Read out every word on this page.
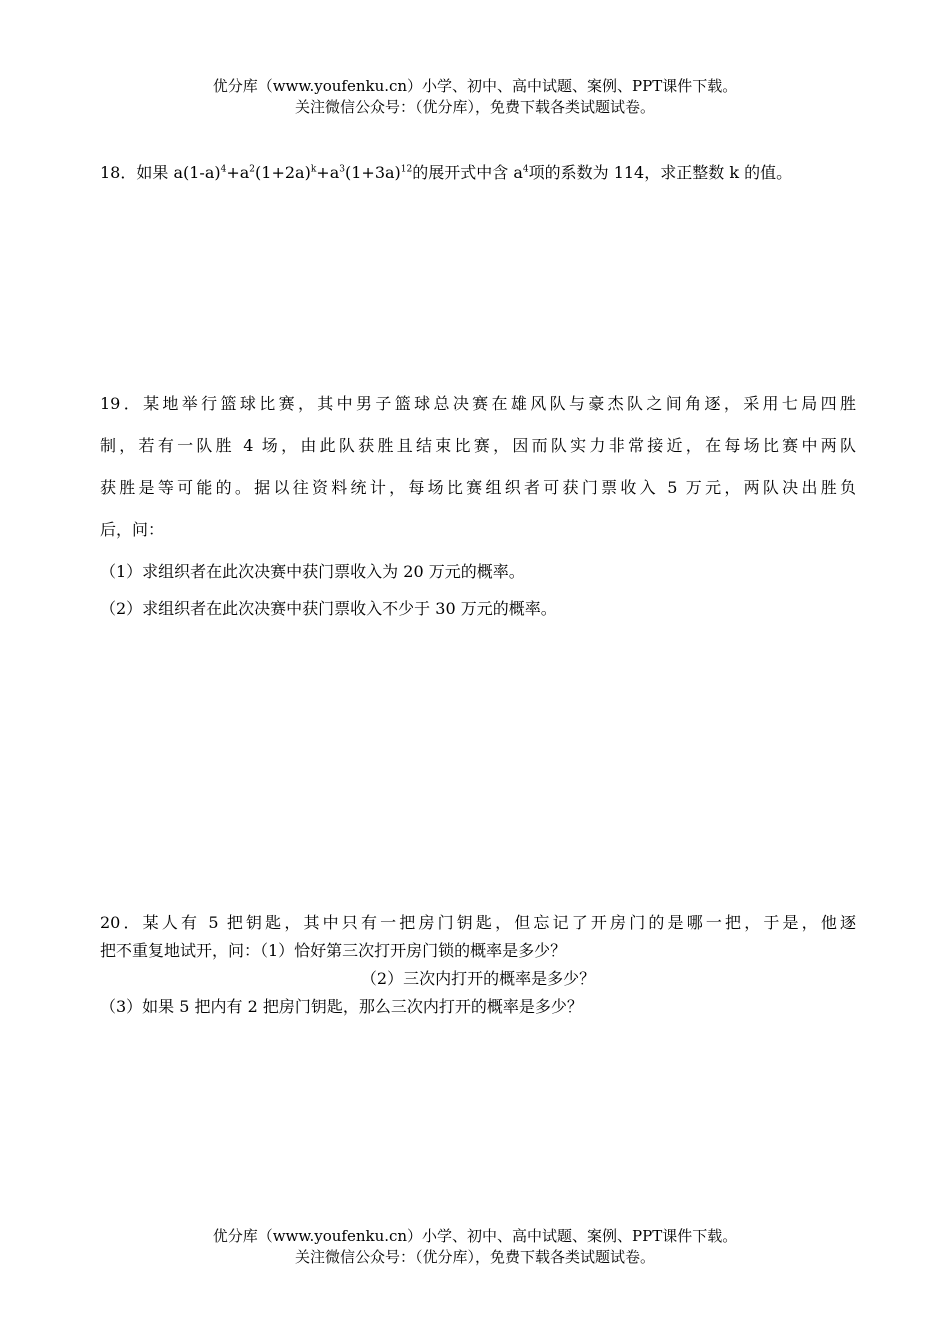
优分库（www.youfenku.cn）小学、初中、高中试题、案例、PPT课件下载。
关注微信公众号：（优分库），免费下载各类试题试卷。
18．如果 $a(1-a)^4+a^2(1+2a)^k+a^3(1+3a)^{12}$的展开式中含 $a^4$项的系数为 114，求正整数 k 的值。
19．某地举行篮球比赛，其中男子篮球总决赛在雄风队与豪杰队之间角逐，采用七局四胜
制，若有一队胜 4 场，由此队获胜且结束比赛，因而队实力非常接近，在每场比赛中两队
获胜是等可能的。据以往资料统计，每场比赛组织者可获门票收入 5 万元，两队决出胜负
后，问：
（1）求组织者在此次决赛中获门票收入为 20 万元的概率。
（2）求组织者在此次决赛中获门票收入不少于 30 万元的概率。
20．某人有 5 把钥匙，其中只有一把房门钥匙，但忘记了开房门的是哪一把，于是，他逐
把不重复地试开，问：（1）恰好第三次打开房门锁的概率是多少？
（2）三次内打开的概率是多少？
（3）如果 5 把内有 2 把房门钥匙，那么三次内打开的概率是多少？
优分库（www.youfenku.cn）小学、初中、高中试题、案例、PPT课件下载。
关注微信公众号：（优分库），免费下载各类试题试卷。
